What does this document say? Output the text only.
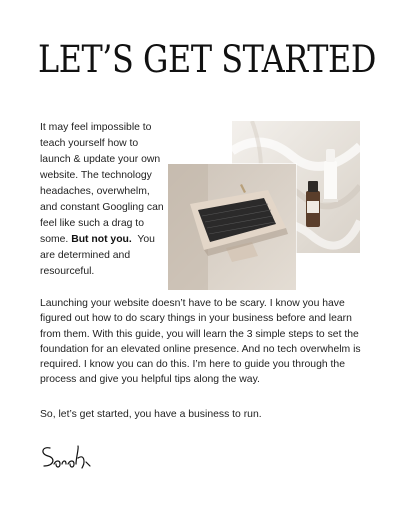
LET’S GET STARTED

It may feel impossible to teach yourself how to launch & update your own website. The technology headaches, overwhelm, and constant Googling can feel like such a drag to some. But not you. You are determined and resourceful.

Launching your website doesn’t have to be scary. I know you have figured out how to do scary things in your business before and learn from them. With this guide, you will learn the 3 simple steps to set the foundation for an elevated online presence. And no tech overwhelm is required. I know you can do this. I’m here to guide you through the process and give you helpful tips along the way.

So, let’s get started, you have a business to run.
